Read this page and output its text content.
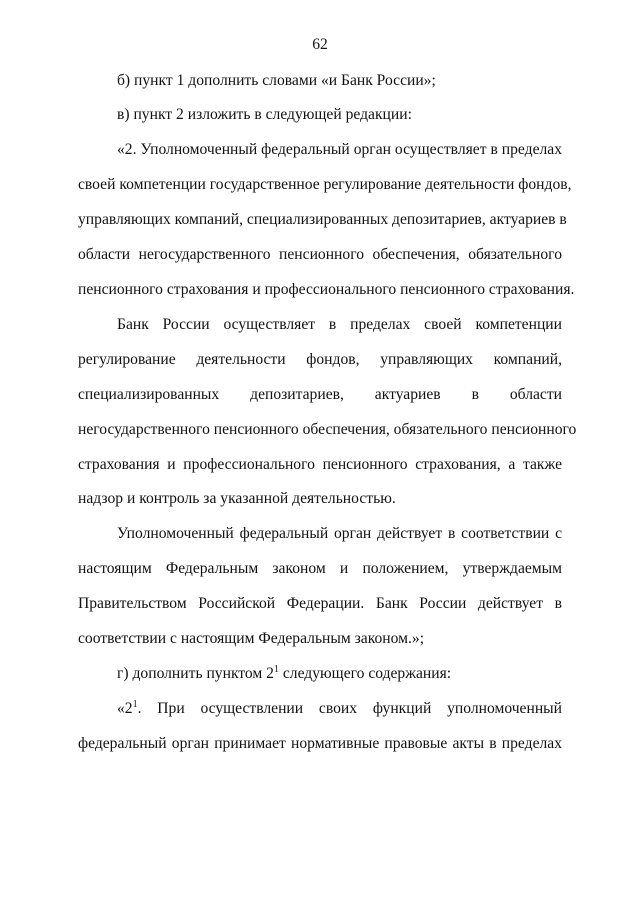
62
б) пункт 1 дополнить словами «и Банк России»;
в) пункт 2 изложить в следующей редакции:
«2. Уполномоченный федеральный орган осуществляет в пределах
своей компетенции государственное регулирование деятельности фондов,
управляющих компаний, специализированных депозитариев, актуариев в
области негосударственного пенсионного обеспечения, обязательного
пенсионного страхования и профессионального пенсионного страхования.
Банк России осуществляет в пределах своей компетенции
регулирование деятельности фондов, управляющих компаний,
специализированных депозитариев, актуариев в области
негосударственного пенсионного обеспечения, обязательного пенсионного
страхования и профессионального пенсионного страхования, а также
надзор и контроль за указанной деятельностью.
Уполномоченный федеральный орган действует в соответствии с
настоящим Федеральным законом и положением, утверждаемым
Правительством Российской Федерации. Банк России действует в
соответствии с настоящим Федеральным законом.»;
г) дополнить пунктом $2^1$ следующего содержания:
«$2^1$. При осуществлении своих функций уполномоченный
федеральный орган принимает нормативные правовые акты в пределах
